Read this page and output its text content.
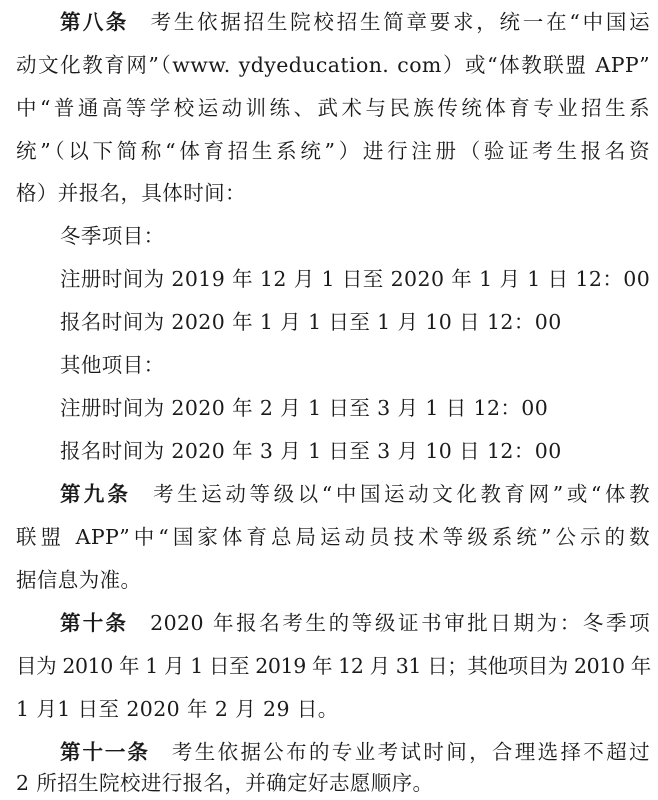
第八条 考生依据招生院校招生简章要求，统一在“中国运
动文化教育网”（www. ydyeducation. com）或“体教联盟 APP”
中“普通高等学校运动训练、武术与民族传统体育专业招生系
统”（以下简称“体育招生系统”）进行注册（验证考生报名资
格）并报名，具体时间：
冬季项目：
注册时间为 2019 年 12 月 1 日至 2020 年 1 月 1 日 12：00
报名时间为 2020 年 1 月 1 日至 1 月 10 日 12：00
其他项目：
注册时间为 2020 年 2 月 1 日至 3 月 1 日 12：00
报名时间为 2020 年 3 月 1 日至 3 月 10 日 12：00
第九条 考生运动等级以“中国运动文化教育网”或“体教
联盟 APP”中“国家体育总局运动员技术等级系统”公示的数
据信息为准。
第十条 2020 年报名考生的等级证书审批日期为：冬季项
目为 2010 年 1 月 1 日至 2019 年 12 月 31 日；其他项目为 2010 年
1 月1 日至 2020 年 2 月 29 日。
第十一条 考生依据公布的专业考试时间，合理选择不超过
2 所招生院校进行报名，并确定好志愿顺序。
